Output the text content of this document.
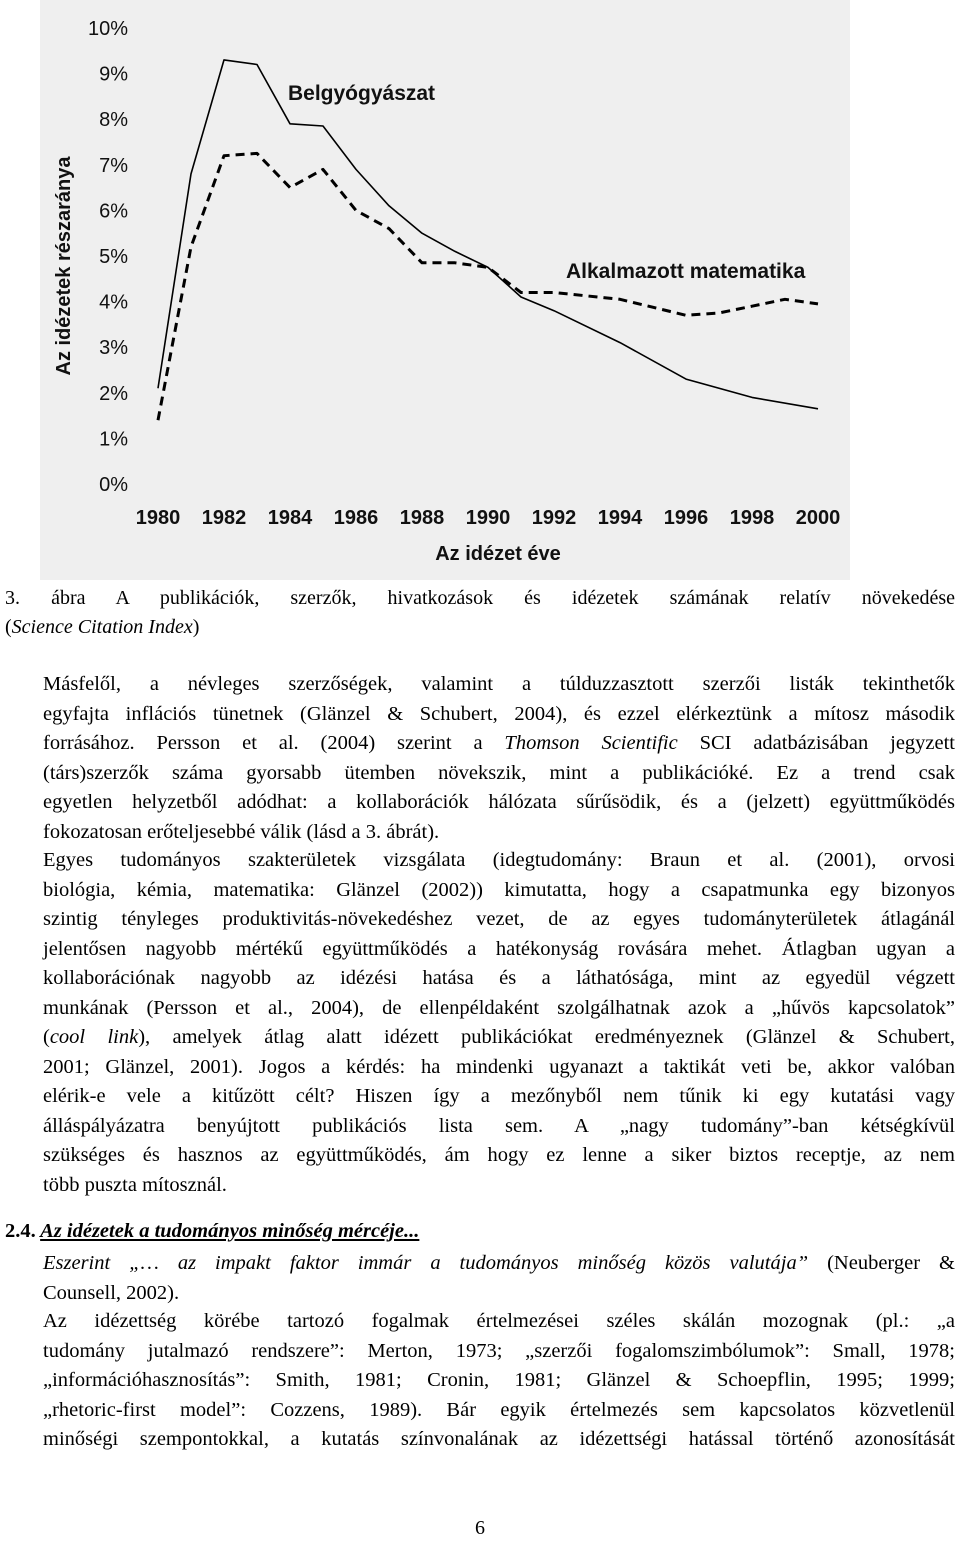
0%
1%
2%
3%
4%
5%
6%
7%
8%
9%
10%
1980 1982 1984 1986 1988 1990 1992 1994 1996 1998 2000
Az idézet éve
Az idézetek részaránya
Belgyógyászat
Alkalmazott matematika
3. ábra A publikációk, szerzők, hivatkozások és idézetek számának relatív növekedése
(Science Citation Index)
Másfelől, a névleges szerzőségek, valamint a túlduzzasztott szerzői listák tekinthetők
egyfajta inflációs tünetnek (Glänzel & Schubert, 2004), és ezzel elérkeztünk a mítosz második
forrásához. Persson et al. (2004) szerint a Thomson Scientific SCI adatbázisában jegyzett
(társ)szerzők száma gyorsabb ütemben növekszik, mint a publikációké. Ez a trend csak
egyetlen helyzetből adódhat: a kollaborációk hálózata sűrűsödik, és a (jelzett) együttműködés
fokozatosan erőteljesebbé válik (lásd a 3. ábrát).
Egyes tudományos szakterületek vizsgálata (idegtudomány: Braun et al. (2001), orvosi
biológia, kémia, matematika: Glänzel (2002)) kimutatta, hogy a csapatmunka egy bizonyos
szintig tényleges produktivitás-növekedéshez vezet, de az egyes tudományterületek átlagánál
jelentősen nagyobb mértékű együttműködés a hatékonyság rovására mehet. Átlagban ugyan a
kollaborációnak nagyobb az idézési hatása és a láthatósága, mint az egyedül végzett
munkának (Persson et al., 2004), de ellenpéldaként szolgálhatnak azok a „hűvös kapcsolatok”
(cool link), amelyek átlag alatt idézett publikációkat eredményeznek (Glänzel & Schubert,
2001; Glänzel, 2001). Jogos a kérdés: ha mindenki ugyanazt a taktikát veti be, akkor valóban
elérik-e vele a kitűzött célt? Hiszen így a mezőnyből nem tűnik ki egy kutatási vagy
álláspályázatra benyújtott publikációs lista sem. A „nagy tudomány”-ban kétségkívül
szükséges és hasznos az együttműködés, ám hogy ez lenne a siker biztos receptje, az nem
több puszta mítosznál.
2.4. Az idézetek a tudományos minőség mércéje...
Eszerint „… az impakt faktor immár a tudományos minőség közös valutája” (Neuberger &
Counsell, 2002).
Az idézettség körébe tartozó fogalmak értelmezései széles skálán mozognak (pl.: „a
tudomány jutalmazó rendszere”: Merton, 1973; „szerzői fogalomszimbólumok”: Small, 1978;
„információhasznosítás”: Smith, 1981; Cronin, 1981; Glänzel & Schoepflin, 1995; 1999;
„rhetoric-first model”: Cozzens, 1989). Bár egyik értelmezés sem kapcsolatos közvetlenül
minőségi szempontokkal, a kutatás színvonalának az idézettségi hatással történő azonosítását
6
